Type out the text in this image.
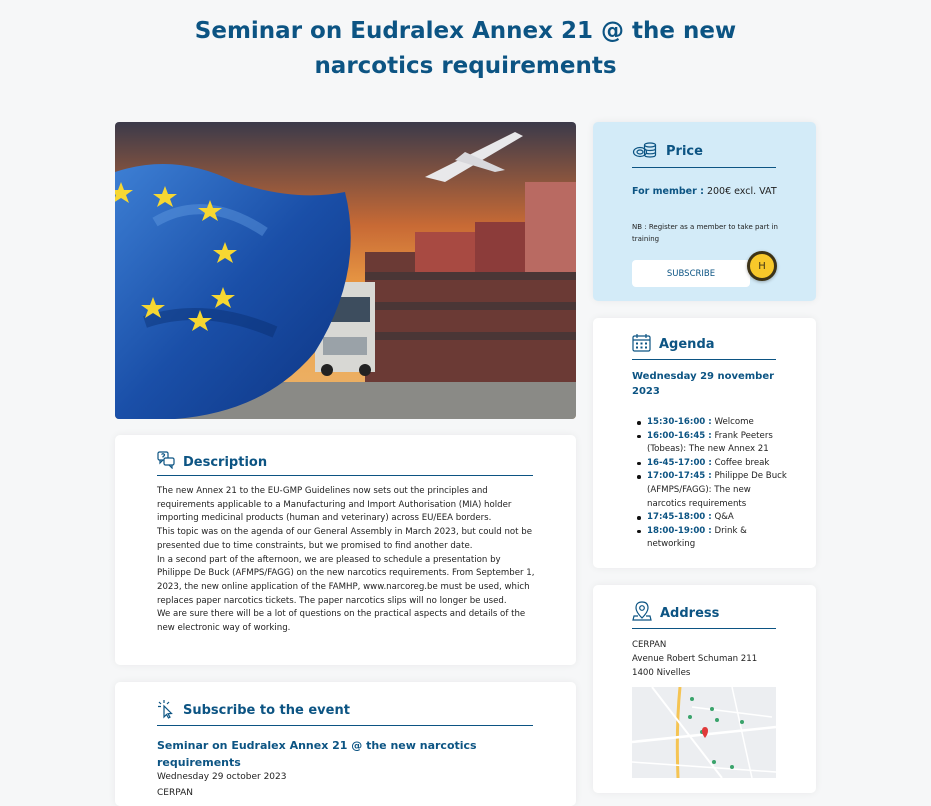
Seminar on Eudralex Annex 21 @ the new narcotics requirements
Description

The new Annex 21 to the EU-GMP Guidelines now sets out the principles and requirements applicable to a Manufacturing and Import Authorisation (MIA) holder importing medicinal products (human and veterinary) across EU/EEA borders.

This topic was on the agenda of our General Assembly in March 2023, but could not be presented due to time constraints, but we promised to find another date.

In a second part of the afternoon, we are pleased to schedule a presentation by Philippe De Buck (AFMPS/FAGG) on the new narcotics requirements. From September 1, 2023, the new online application of the FAMHP, www.narcoreg.be must be used, which replaces paper narcotics tickets. The paper narcotics slips will no longer be used.

We are sure there will be a lot of questions on the practical aspects and details of the new electronic way of working.

Subscribe to the event
Seminar on Eudralex Annex 21 @ the new narcotics requirements
Wednesday 29 october 2023
CERPAN
Price
For member : 200€ excl. VAT
NB : Register as a member to take part in training
SUBSCRIBE
H
Agenda
Wednesday 29 november 2023
15:30-16:00 : Welcome
16:00-16:45 : Frank Peeters (Tobeas): The new Annex 21
16-45-17:00 : Coffee break
17:00-17:45 : Philippe De Buck (AFMPS/FAGG): The new narcotics requirements
17:45-18:00 : Q&A
18:00-19:00 : Drink & networking
Address
CERPAN
Avenue Robert Schuman 211
1400 Nivelles
